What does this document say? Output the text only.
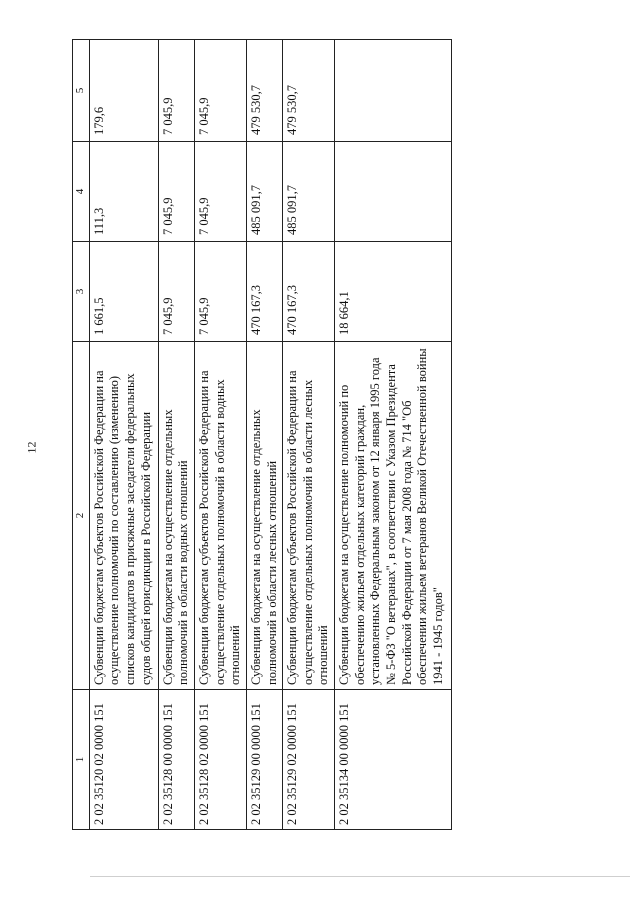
12
1	2	3	4	5
2 02 35120 02 0000 151	Субвенции бюджетам субъектов Российской Федерации на осуществление полномочий по составлению (изменению) списков кандидатов в присяжные заседатели федеральных судов общей юрисдикции в Российской Федерации	1 661,5	111,3	179,6
2 02 35128 00 0000 151	Субвенции бюджетам на осуществление отдельных полномочий в области водных отношений	7 045,9	7 045,9	7 045,9
2 02 35128 02 0000 151	Субвенции бюджетам субъектов Российской Федерации на осуществление отдельных полномочий в области водных отношений	7 045,9	7 045,9	7 045,9
2 02 35129 00 0000 151	Субвенции бюджетам на осуществление отдельных полномочий в области лесных отношений	470 167,3	485 091,7	479 530,7
2 02 35129 02 0000 151	Субвенции бюджетам субъектов Российской Федерации на осуществление отдельных полномочий в области лесных отношений	470 167,3	485 091,7	479 530,7
2 02 35134 00 0000 151	Субвенции бюджетам на осуществление полномочий по обеспечению жильем отдельных категорий граждан, установленных Федеральным законом от 12 января 1995 года № 5-ФЗ "О ветеранах", в соответствии с Указом Президента Российской Федерации от 7 мая 2008 года № 714 "Об обеспечении жильем ветеранов Великой Отечественной войны 1941 - 1945 годов"	18 664,1		
